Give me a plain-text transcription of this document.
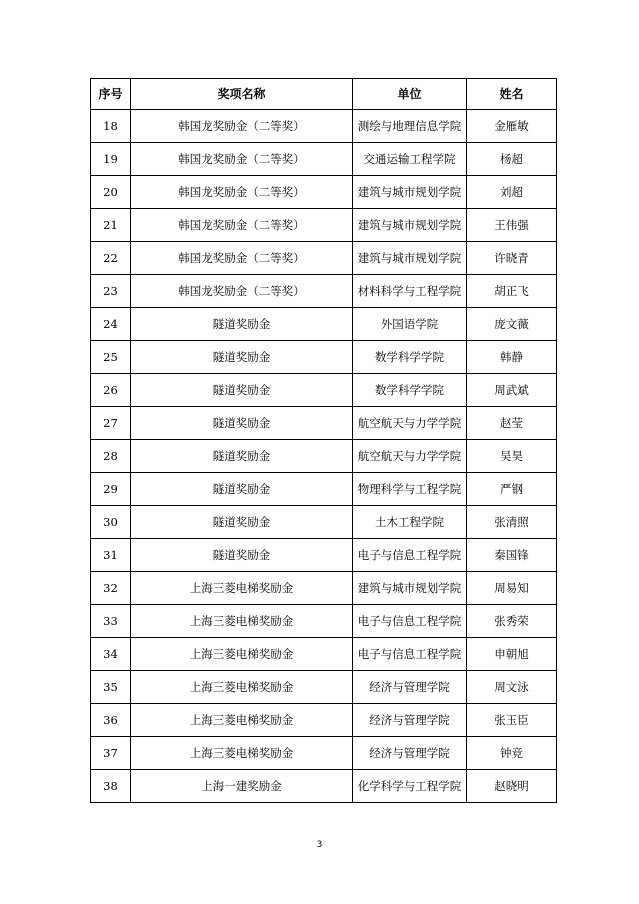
序号	奖项名称	单位	姓名
18	韩国龙奖励金（二等奖）	测绘与地理信息学院	金雁敏
19	韩国龙奖励金（二等奖）	交通运输工程学院	杨超
20	韩国龙奖励金（二等奖）	建筑与城市规划学院	刘超
21	韩国龙奖励金（二等奖）	建筑与城市规划学院	王伟强
22	韩国龙奖励金（二等奖）	建筑与城市规划学院	许晓青
23	韩国龙奖励金（二等奖）	材料科学与工程学院	胡正飞
24	隧道奖励金	外国语学院	庞文薇
25	隧道奖励金	数学科学学院	韩静
26	隧道奖励金	数学科学学院	周武斌
27	隧道奖励金	航空航天与力学学院	赵莹
28	隧道奖励金	航空航天与力学学院	吴昊
29	隧道奖励金	物理科学与工程学院	严钢
30	隧道奖励金	土木工程学院	张清照
31	隧道奖励金	电子与信息工程学院	秦国锋
32	上海三菱电梯奖励金	建筑与城市规划学院	周易知
33	上海三菱电梯奖励金	电子与信息工程学院	张秀荣
34	上海三菱电梯奖励金	电子与信息工程学院	申朝旭
35	上海三菱电梯奖励金	经济与管理学院	周文泳
36	上海三菱电梯奖励金	经济与管理学院	张玉臣
37	上海三菱电梯奖励金	经济与管理学院	钟竞
38	上海一建奖励金	化学科学与工程学院	赵晓明
3
